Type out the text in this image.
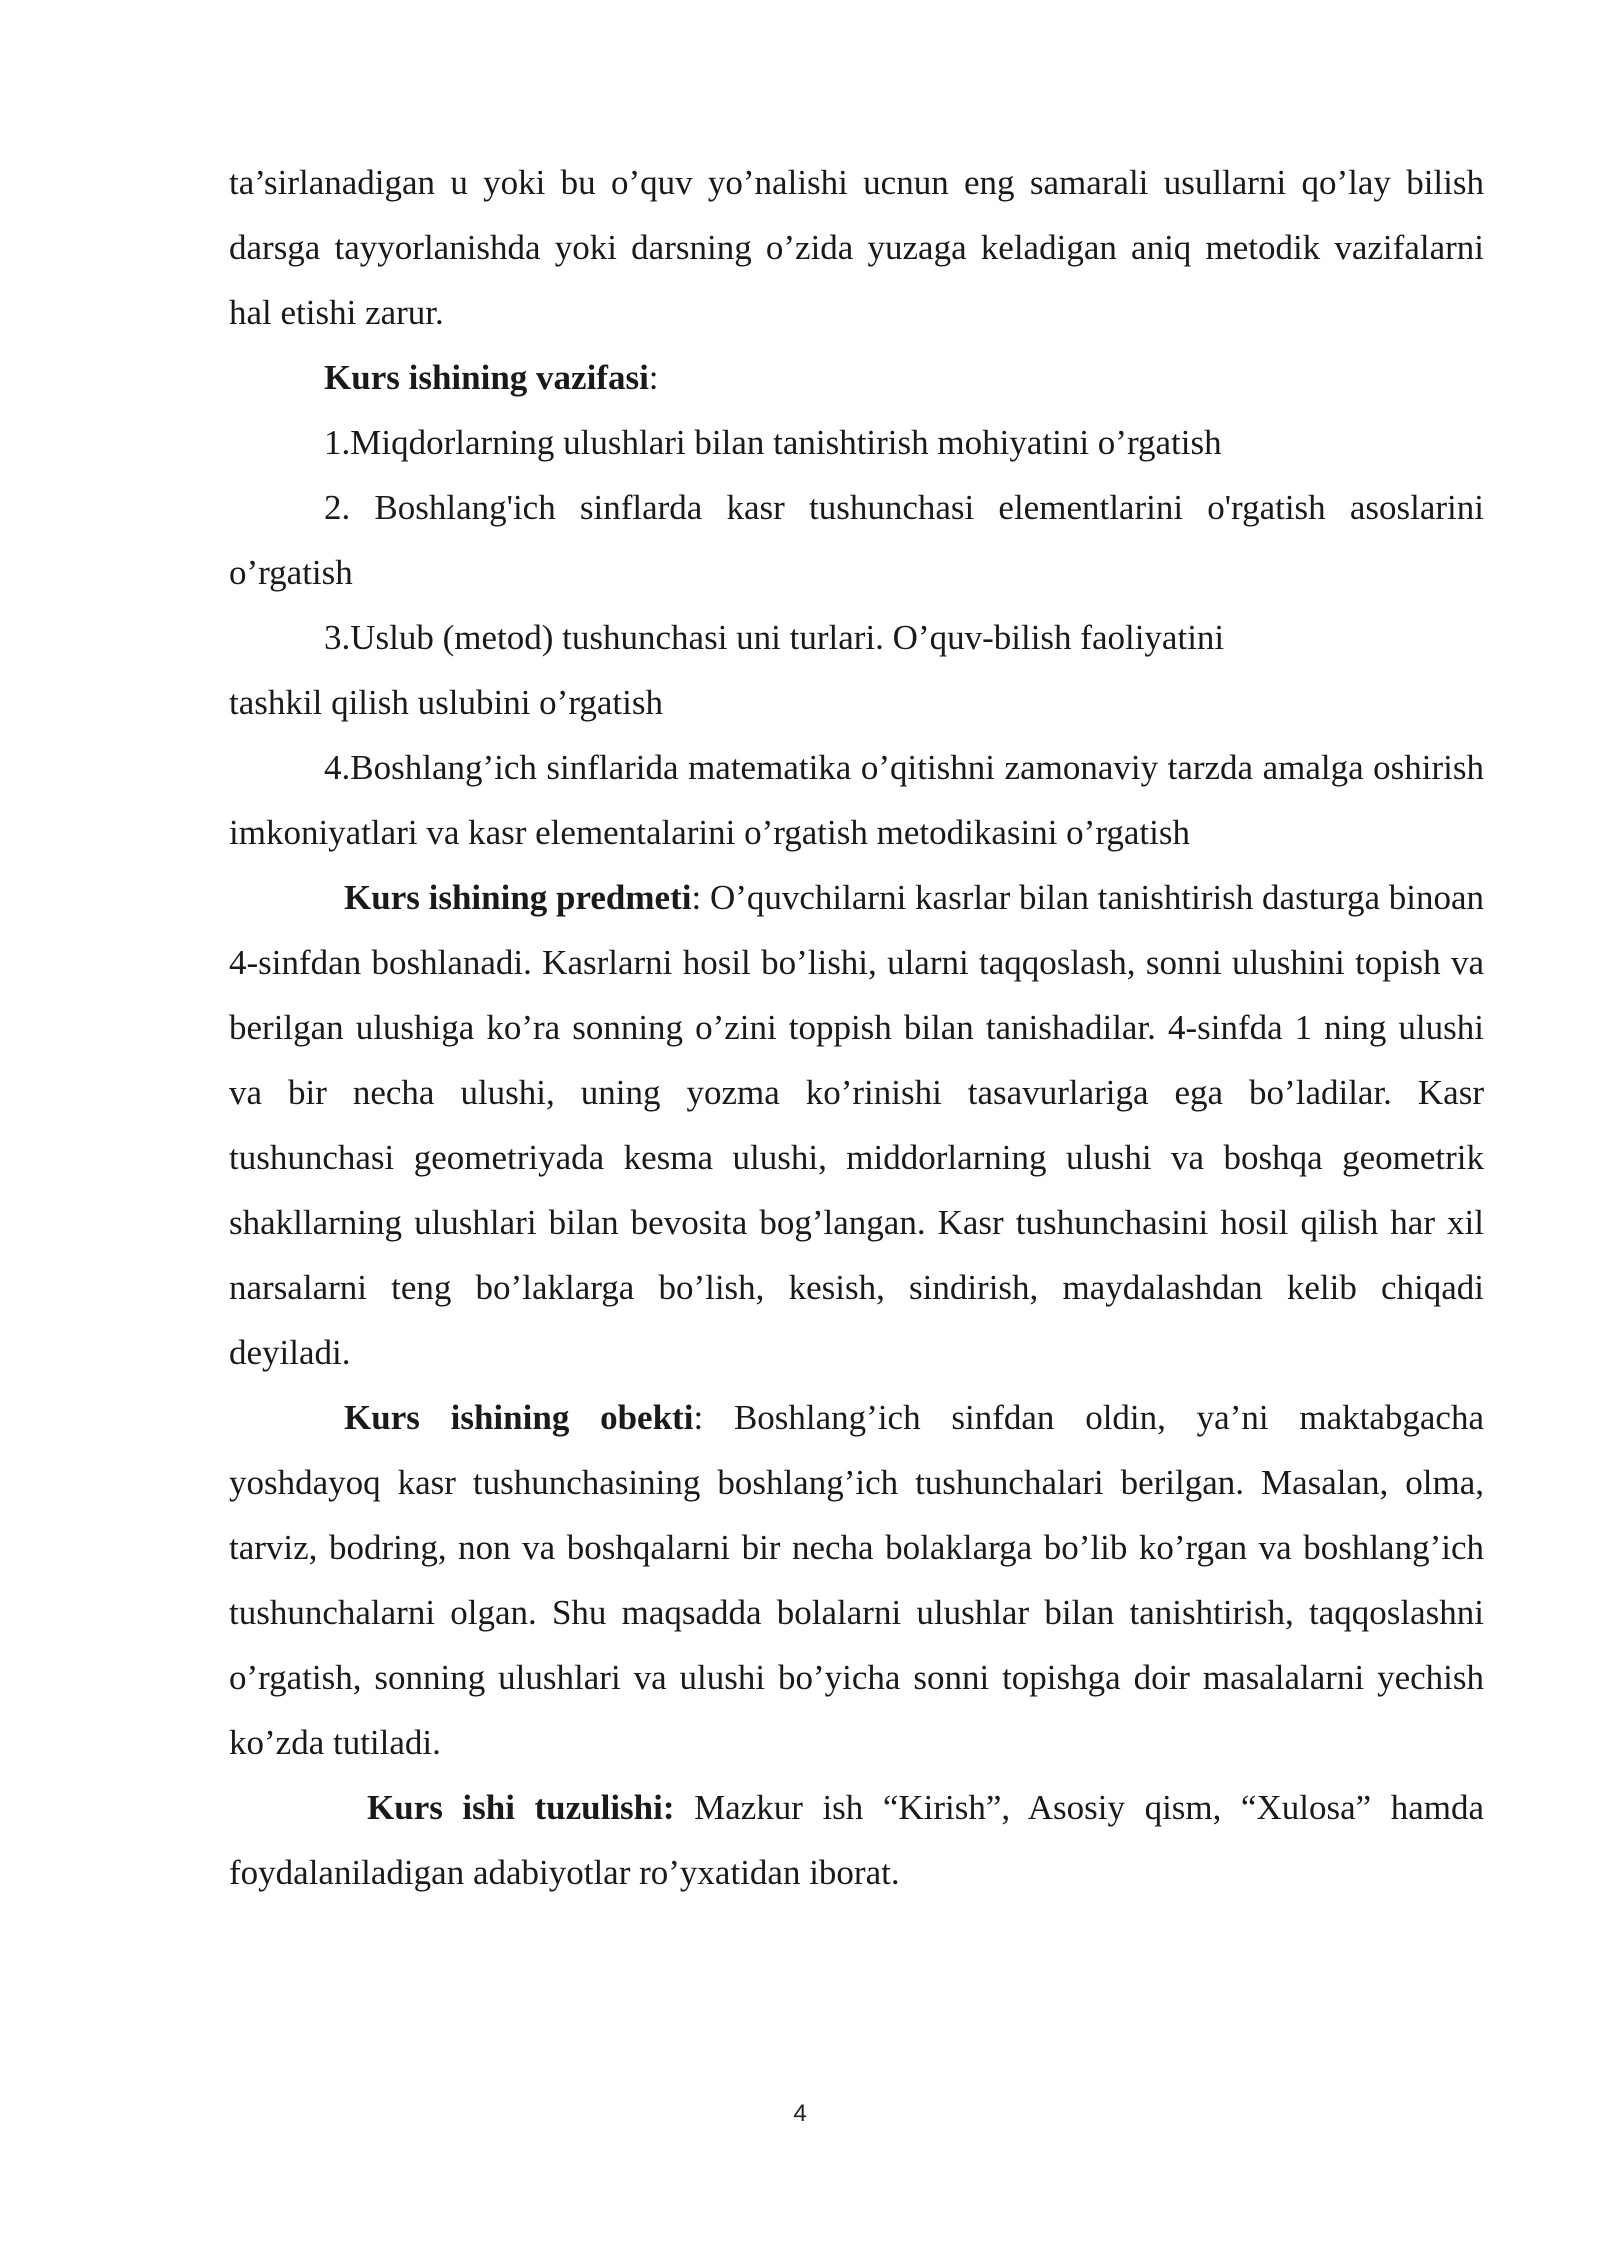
ta’sirlanadigan u yoki bu o’quv yo’nalishi ucnun eng samarali usullarni qo’lay bilish darsga tayyorlanishda yoki darsning o’zida yuzaga keladigan aniq metodik vazifalarni hal etishi zarur.

Kurs ishining vazifasi:

1.Miqdorlarning ulushlari bilan tanishtirish mohiyatini o’rgatish

2. Boshlang'ich sinflarda kasr tushunchasi elementlarini o'rgatish asoslarini o’rgatish

3.Uslub (metod) tushunchasi uni turlari. O’quv-bilish faoliyatini

tashkil qilish uslubini o’rgatish

4.Boshlang’ich sinflarida matematika o’qitishni zamonaviy tarzda amalga oshirish imkoniyatlari va kasr elementalarini o’rgatish metodikasini o’rgatish

Kurs ishining predmeti: O’quvchilarni kasrlar bilan tanishtirish dasturga binoan 4-sinfdan boshlanadi. Kasrlarni hosil bo’lishi, ularni taqqoslash, sonni ulushini topish va berilgan ulushiga ko’ra sonning o’zini toppish bilan tanishadilar. 4-sinfda 1 ning ulushi va bir necha ulushi, uning yozma ko’rinishi tasavurlariga ega bo’ladilar. Kasr tushunchasi geometriyada kesma ulushi, middorlarning ulushi va boshqa geometrik shakllarning ulushlari bilan bevosita bog’langan. Kasr tushunchasini hosil qilish har xil narsalarni teng bo’laklarga bo’lish, kesish, sindirish, maydalashdan kelib chiqadi deyiladi.

Kurs ishining obekti: Boshlang’ich sinfdan oldin, ya’ni maktabgacha yoshdayoq kasr tushunchasining boshlang’ich tushunchalari berilgan. Masalan, olma, tarviz, bodring, non va boshqalarni bir necha bolaklarga bo’lib ko’rgan va boshlang’ich tushunchalarni olgan. Shu maqsadda bolalarni ulushlar bilan tanishtirish, taqqoslashni o’rgatish, sonning ulushlari va ulushi bo’yicha sonni topishga doir masalalarni yechish ko’zda tutiladi.

Kurs ishi tuzulishi: Mazkur ish “Kirish”, Asosiy qism, “Xulosa” hamda foydalaniladigan adabiyotlar ro’yxatidan iborat.

4
